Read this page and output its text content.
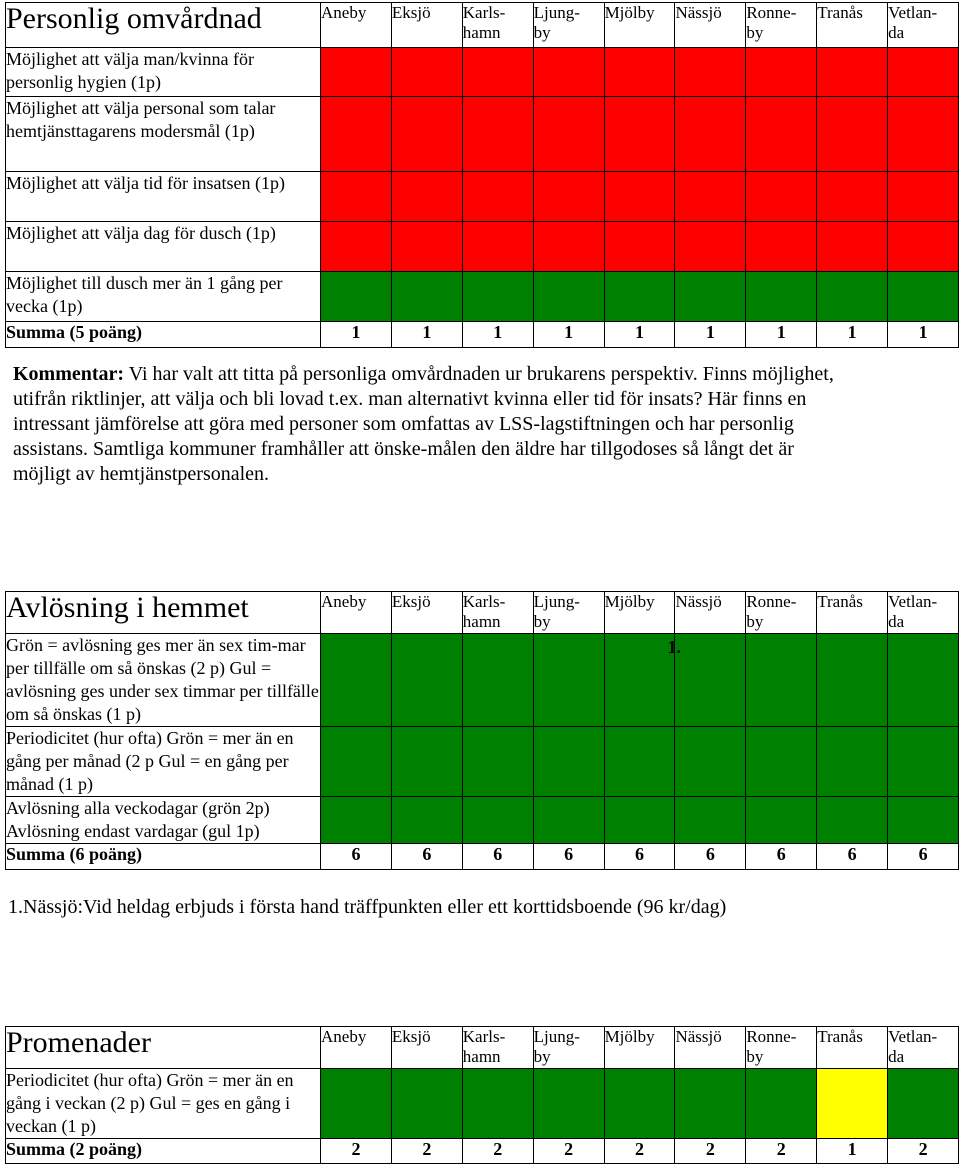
Personlig omvårdnad	Aneby	Eksjö	Karls-
hamn	Ljung-
by	Mjölby	Nässjö	Ronne-
by	Tranås	Vetlan-
da
Möjlighet att välja man/kvinna för personlig hygien (1p)									
Möjlighet att välja personal som talar hemtjänsttagarens modersmål (1p)									
Möjlighet att välja tid för insatsen (1p)									
Möjlighet att välja dag för dusch (1p)									
Möjlighet till dusch mer än 1 gång per vecka (1p)									
Summa (5 poäng)	1	1	1	1	1	1	1	1	1
Kommentar: Vi har valt att titta på personliga omvårdnaden ur brukarens perspektiv. Finns möjlighet, utifrån riktlinjer, att välja och bli lovad t.ex. man alternativt kvinna eller tid för insats? Här finns en intressant jämförelse att göra med personer som omfattas av LSS-lagstiftningen och har personlig assistans. Samtliga kommuner framhåller att önske-målen den äldre har tillgodoses så långt det är möjligt av hemtjänstpersonalen.
Avlösning i hemmet	Aneby	Eksjö	Karls-
hamn	Ljung-
by	Mjölby	Nässjö	Ronne-
by	Tranås	Vetlan-
da
Grön = avlösning ges mer än sex tim-mar per tillfälle om så önskas (2 p) Gul = avlösning ges under sex timmar per tillfälle om så önskas (1 p)						1.			
Periodicitet (hur ofta) Grön = mer än en gång per månad (2 p Gul = en gång per månad (1 p)									
Avlösning alla veckodagar (grön 2p) Avlösning endast vardagar (gul 1p)									
Summa (6 poäng)	6	6	6	6	6	6	6	6	6
1.Nässjö:Vid heldag erbjuds i första hand träffpunkten eller ett korttidsboende (96 kr/dag)
Promenader	Aneby	Eksjö	Karls-
hamn	Ljung-
by	Mjölby	Nässjö	Ronne-
by	Tranås	Vetlan-
da
Periodicitet (hur ofta) Grön = mer än en gång i veckan (2 p) Gul = ges en gång i veckan (1 p)									
Summa (2 poäng)	2	2	2	2	2	2	2	1	2
